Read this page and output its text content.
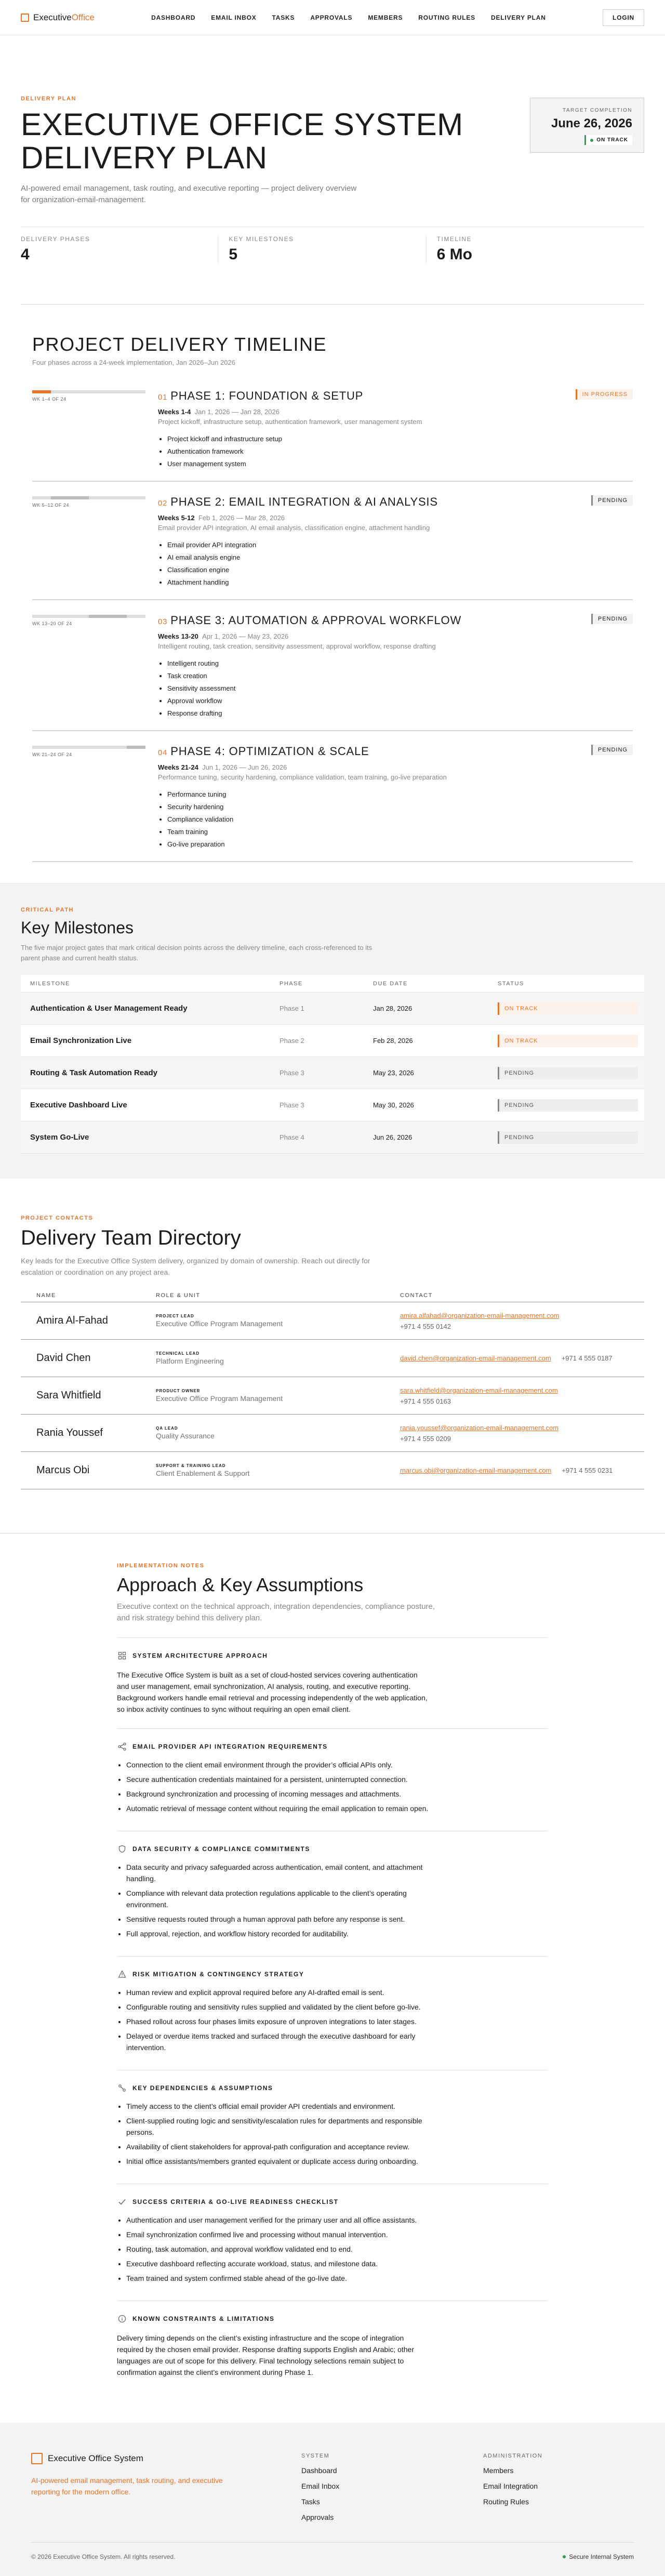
ExecutiveOffice	DASHBOARD	EMAIL INBOX	TASKS	APPROVALS	MEMBERS	ROUTING RULES	DELIVERY PLAN	LOGIN
DELIVERY PLAN
EXECUTIVE OFFICE SYSTEM
DELIVERY PLAN

AI-powered email management, task routing, and executive reporting — project delivery overview for organization-email-management.

TARGET COMPLETION
June 26, 2026
ON TRACK
DELIVERY PHASES
4
KEY MILESTONES
5
TIMELINE
6 Mo
PROJECT DELIVERY TIMELINE
Four phases across a 24-week implementation, Jan 2026–Jun 2026
WK 1–4 OF 24	01 PHASE 1: FOUNDATION & SETUP
Weeks 1-4 Jan 1, 2026 — Jan 28, 2026
Project kickoff, infrastructure setup, authentication framework, user management system
• Project kickoff and infrastructure setup
• Authentication framework
• User management system
IN PROGRESS
WK 5–12 OF 24	02 PHASE 2: EMAIL INTEGRATION & AI ANALYSIS
Weeks 5-12 Feb 1, 2026 — Mar 28, 2026
Email provider API integration, AI email analysis, classification engine, attachment handling
• Email provider API integration
• AI email analysis engine
• Classification engine
• Attachment handling
PENDING
WK 13–20 OF 24	03 PHASE 3: AUTOMATION & APPROVAL WORKFLOW
Weeks 13-20 Apr 1, 2026 — May 23, 2026
Intelligent routing, task creation, sensitivity assessment, approval workflow, response drafting
• Intelligent routing
• Task creation
• Sensitivity assessment
• Approval workflow
• Response drafting
PENDING
WK 21–24 OF 24	04 PHASE 4: OPTIMIZATION & SCALE
Weeks 21-24 Jun 1, 2026 — Jun 26, 2026
Performance tuning, security hardening, compliance validation, team training, go-live preparation
• Performance tuning
• Security hardening
• Compliance validation
• Team training
• Go-live preparation
PENDING
CRITICAL PATH
Key Milestones

The five major project gates that mark critical decision points across the delivery timeline, each cross-referenced to its parent phase and current health status.

MILESTONE	PHASE	DUE DATE	STATUS
Authentication & User Management Ready	Phase 1	Jan 28, 2026	ON TRACK
Email Synchronization Live	Phase 2	Feb 28, 2026	ON TRACK
Routing & Task Automation Ready	Phase 3	May 23, 2026	PENDING
Executive Dashboard Live	Phase 3	May 30, 2026	PENDING
System Go-Live	Phase 4	Jun 26, 2026	PENDING
PROJECT CONTACTS
Delivery Team Directory

Key leads for the Executive Office System delivery, organized by domain of ownership. Reach out directly for escalation or coordination on any project area.

NAME	ROLE & UNIT	CONTACT
Amira Al-Fahad	PROJECT LEAD
Executive Office Program Management
amira.alfahad@organization-email-management.com
+971 4 555 0142
David Chen	TECHNICAL LEAD
Platform Engineering	david.chen@organization-email-management.com +971 4 555 0187
Sara Whitfield	PRODUCT OWNER
Executive Office Program Management
sara.whitfield@organization-email-management.com
+971 4 555 0163
Rania Youssef	QA LEAD
Quality Assurance
rania.youssef@organization-email-management.com
+971 4 555 0209
Marcus Obi	SUPPORT & TRAINING LEAD
Client Enablement & Support	marcus.obi@organization-email-management.com +971 4 555 0231
IMPLEMENTATION NOTES
Approach & Key Assumptions

Executive context on the technical approach, integration dependencies, compliance posture, and risk strategy behind this delivery plan.

SYSTEM ARCHITECTURE APPROACH

The Executive Office System is built as a set of cloud-hosted services covering authentication and user management, email synchronization, AI analysis, routing, and executive reporting. Background workers handle email retrieval and processing independently of the web application, so inbox activity continues to sync without requiring an open email client.

EMAIL PROVIDER API INTEGRATION REQUIREMENTS
• Connection to the client email environment through the provider’s official APIs only.
• Secure authentication credentials maintained for a persistent, uninterrupted connection.
• Background synchronization and processing of incoming messages and attachments.
• Automatic retrieval of message content without requiring the email application to remain open.
DATA SECURITY & COMPLIANCE COMMITMENTS
• Data security and privacy safeguarded across authentication, email content, and attachment handling.
• Compliance with relevant data protection regulations applicable to the client’s operating environment.
• Sensitive requests routed through a human approval path before any response is sent.
• Full approval, rejection, and workflow history recorded for auditability.
RISK MITIGATION & CONTINGENCY STRATEGY
• Human review and explicit approval required before any AI-drafted email is sent.
• Configurable routing and sensitivity rules supplied and validated by the client before go-live.
• Phased rollout across four phases limits exposure of unproven integrations to later stages.
• Delayed or overdue items tracked and surfaced through the executive dashboard for early intervention.
KEY DEPENDENCIES & ASSUMPTIONS
• Timely access to the client’s official email provider API credentials and environment.
• Client-supplied routing logic and sensitivity/escalation rules for departments and responsible persons.
• Availability of client stakeholders for approval-path configuration and acceptance review.
• Initial office assistants/members granted equivalent or duplicate access during onboarding.
SUCCESS CRITERIA & GO-LIVE READINESS CHECKLIST
• Authentication and user management verified for the primary user and all office assistants.
• Email synchronization confirmed live and processing without manual intervention.
• Routing, task automation, and approval workflow validated end to end.
• Executive dashboard reflecting accurate workload, status, and milestone data.
• Team trained and system confirmed stable ahead of the go-live date.
KNOWN CONSTRAINTS & LIMITATIONS

Delivery timing depends on the client’s existing infrastructure and the scope of integration required by the chosen email provider. Response drafting supports English and Arabic; other languages are out of scope for this delivery. Final technology selections remain subject to confirmation against the client’s environment during Phase 1.

Executive Office System
AI-powered email management, task routing, and executive reporting for the modern office.
SYSTEM
Dashboard
Email Inbox
Tasks
Approvals
ADMINISTRATION
Members
Email Integration
Routing Rules
© 2026 Executive Office System. All rights reserved.	Secure Internal System
